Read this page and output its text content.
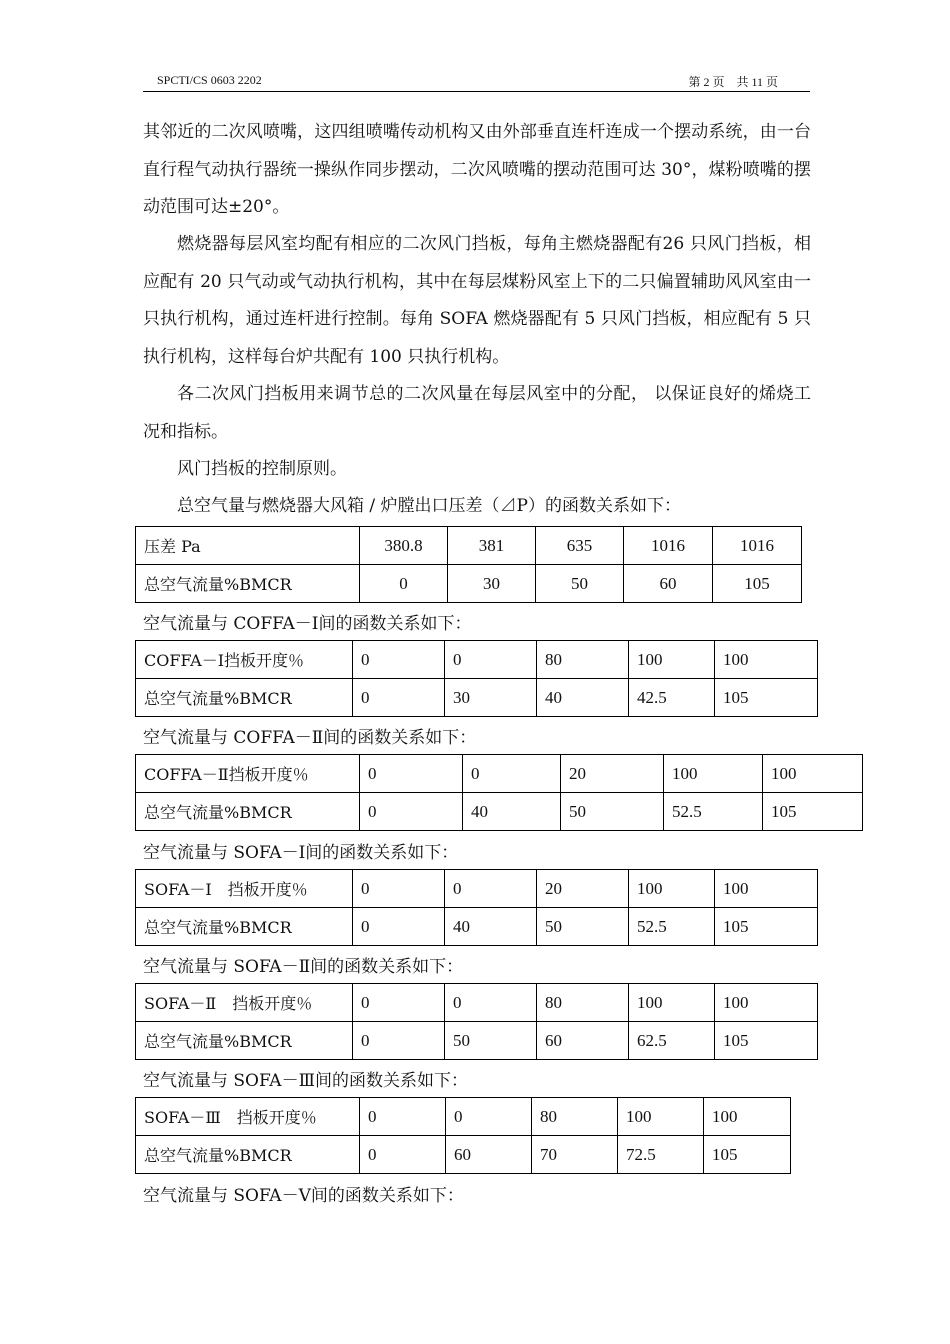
SPCTI/CS 0603 2202	第 2 页　共 11 页

其邻近的二次风喷嘴，这四组喷嘴传动机构又由外部垂直连杆连成一个摆动系统，由一台直行程气动执行器统一操纵作同步摆动，二次风喷嘴的摆动范围可达 30°，煤粉喷嘴的摆动范围可达±20°。

燃烧器每层风室均配有相应的二次风门挡板，每角主燃烧器配有26 只风门挡板，相应配有 20 只气动或气动执行机构，其中在每层煤粉风室上下的二只偏置辅助风风室由一只执行机构，通过连杆进行控制。每角 SOFA 燃烧器配有 5 只风门挡板，相应配有 5 只执行机构，这样每台炉共配有 100 只执行机构。

各二次风门挡板用来调节总的二次风量在每层风室中的分配， 以保证良好的烯烧工况和指标。

风门挡板的控制原则。

总空气量与燃烧器大风箱 / 炉膛出口压差（⊿P）的函数关系如下：

压差 Pa	380.8	381	635	1016	1016
总空气流量%BMCR	0	30	50	60	105

空气流量与 COFFA－Ⅰ间的函数关系如下：

COFFA－Ⅰ挡板开度％	0	0	80	100	100
总空气流量%BMCR	0	30	40	42.5	105

空气流量与 COFFA－Ⅱ间的函数关系如下：

COFFA－Ⅱ挡板开度％	0	0	20	100	100
总空气流量%BMCR	0	40	50	52.5	105

空气流量与 SOFA－Ⅰ间的函数关系如下：

SOFA－Ⅰ　挡板开度％	0	0	20	100	100
总空气流量%BMCR	0	40	50	52.5	105

空气流量与 SOFA－Ⅱ间的函数关系如下：

SOFA－Ⅱ　挡板开度％	0	0	80	100	100
总空气流量%BMCR	0	50	60	62.5	105

空气流量与 SOFA－Ⅲ间的函数关系如下：

SOFA－Ⅲ　挡板开度％	0	0	80	100	100
总空气流量%BMCR	0	60	70	72.5	105

空气流量与 SOFA－Ⅴ间的函数关系如下：
